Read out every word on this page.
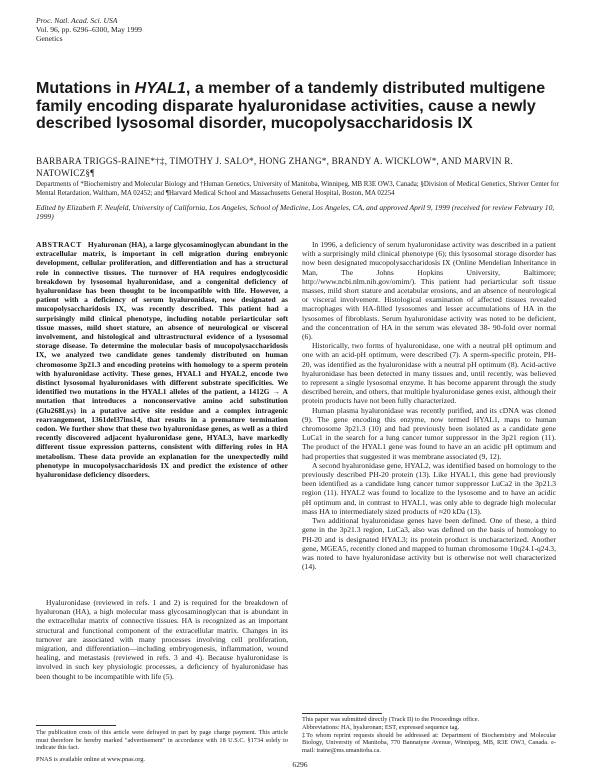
Proc. Natl. Acad. Sci. USA
Vol. 96, pp. 6296–6300, May 1999
Genetics
Mutations in HYAL1, a member of a tandemly distributed multigene family encoding disparate hyaluronidase activities, cause a newly described lysosomal disorder, mucopolysaccharidosis IX
BARBARA TRIGGS-RAINE*†‡, TIMOTHY J. SALO*, HONG ZHANG*, BRANDY A. WICKLOW*, AND MARVIN R. NATOWICZ§¶
Departments of *Biochemistry and Molecular Biology and †Human Genetics, University of Manitoba, Winnipeg, MB R3E OW3, Canada; §Division of Medical Genetics, Shriver Center for Mental Retardation, Waltham, MA 02452; and ¶Harvard Medical School and Massachusetts General Hospital, Boston, MA 02254
Edited by Elizabeth F. Neufeld, University of California, Los Angeles, School of Medicine, Los Angeles, CA, and approved April 9, 1999 (received for review February 10, 1999)
ABSTRACT Hyaluronan (HA), a large glycosaminoglycan abundant in the extracellular matrix, is important in cell migration during embryonic development, cellular proliferation, and differentiation and has a structural role in connective tissues. The turnover of HA requires endoglycosidic breakdown by lysosomal hyaluronidase, and a congenital deficiency of hyaluronidase has been thought to be incompatible with life. However, a patient with a deficiency of serum hyaluronidase, now designated as mucopolysaccharidosis IX, was recently described. This patient had a surprisingly mild clinical phenotype, including notable periarticular soft tissue masses, mild short stature, an absence of neurological or visceral involvement, and histological and ultrastructural evidence of a lysosomal storage disease. To determine the molecular basis of mucopolysaccharidosis IX, we analyzed two candidate genes tandemly distributed on human chromosome 3p21.3 and encoding proteins with homology to a sperm protein with hyaluronidase activity. These genes, HYAL1 and HYAL2, encode two distinct lysosomal hyaluronidases with different substrate specificities. We identified two mutations in the HYAL1 alleles of the patient, a 1412G → A mutation that introduces a nonconservative amino acid substitution (Glu268Lys) in a putative active site residue and a complex intragenic rearrangement, 1361del37ins14, that results in a premature termination codon. We further show that these two hyaluronidase genes, as well as a third recently discovered adjacent hyaluronidase gene, HYAL3, have markedly different tissue expression patterns, consistent with differing roles in HA metabolism. These data provide an explanation for the unexpectedly mild phenotype in mucopolysaccharidosis IX and predict the existence of other hyaluronidase deficiency disorders.

Hyaluronidase (reviewed in refs. 1 and 2) is required for the breakdown of hyaluronan (HA), a high molecular mass glycosaminoglycan that is abundant in the extracellular matrix of connective tissues. HA is recognized as an important structural and functional component of the extracellular matrix. Changes in its turnover are associated with many processes involving cell proliferation, migration, and differentiation—including embryogenesis, inflammation, wound healing, and metastasis (reviewed in refs. 3 and 4). Because hyaluronidase is involved in such key physiologic processes, a deficiency of hyaluronidase has been thought to be incompatible with life (5).

The publication costs of this article were defrayed in part by page charge payment. This article must therefore be hereby marked "advertisement" in accordance with 18 U.S.C. §1734 solely to indicate this fact.
PNAS is available online at www.pnas.org.

In 1996, a deficiency of serum hyaluronidase activity was described in a patient with a surprisingly mild clinical phenotype (6); this lysosomal storage disorder has now been designated mucopolysaccharidosis IX (Online Mendelian Inheritance in Man, The Johns Hopkins University, Baltimore; http://www.ncbi.nlm.nih.gov/omim/). This patient had periarticular soft tissue masses, mild short stature and acetabular erosions, and an absence of neurological or visceral involvement. Histological examination of affected tissues revealed macrophages with HA-filled lysosomes and lesser accumulations of HA in the lysosomes of fibroblasts. Serum hyaluronidase activity was noted to be deficient, and the concentration of HA in the serum was elevated 38- 90-fold over normal (6).

Historically, two forms of hyaluronidase, one with a neutral pH optimum and one with an acid-pH optimum, were described (7). A sperm-specific protein, PH-20, was identified as the hyaluronidase with a neutral pH optimum (8). Acid-active hyaluronidase has been detected in many tissues and, until recently, was believed to represent a single lysosomal enzyme. It has become apparent through the study described herein, and others, that multiple hyaluronidase genes exist, although their protein products have not been fully characterized.

Human plasma hyaluronidase was recently purified, and its cDNA was cloned (9). The gene encoding this enzyme, now termed HYAL1, maps to human chromosome 3p21.3 (10) and had previously been isolated as a candidate gene LuCa1 in the search for a lung cancer tumor suppressor in the 3p21 region (11). The product of the HYAL1 gene was found to have an an acidic pH optimum and had properties that suggested it was membrane associated (9, 12).

A second hyaluronidase gene, HYAL2, was identified based on homology to the previously described PH-20 protein (13). Like HYAL1, this gene had previously been identified as a candidate lung cancer tumor suppressor LuCa2 in the 3p21.3 region (11). HYAL2 was found to localize to the lysosome and to have an acidic pH optimum and, in contrast to HYAL1, was only able to degrade high molecular mass HA to intermediately sized products of ≈20 kDa (13).

Two additional hyaluronidase genes have been defined. One of these, a third gene in the 3p21.3 region, LuCa3, also was defined on the basis of homology to PH-20 and is designated HYAL3; its protein product is uncharacterized. Another gene, MGEA5, recently cloned and mapped to human chromosome 10q24.1-q24.3, was noted to have hyaluronidase activity but is otherwise not well characterized (14).

This paper was submitted directly (Track II) to the Proceedings office.

Abbreviations: HA, hyaluronan; EST, expressed sequence tag.

‡To whom reprint requests should be addressed at: Department of Biochemistry and Molecular Biology, University of Manitoba, 770 Bannatyne Avenue, Winnipeg, MB, R3E OW3, Canada. e-mail: traine@ms.umanitoba.ca.

6296
